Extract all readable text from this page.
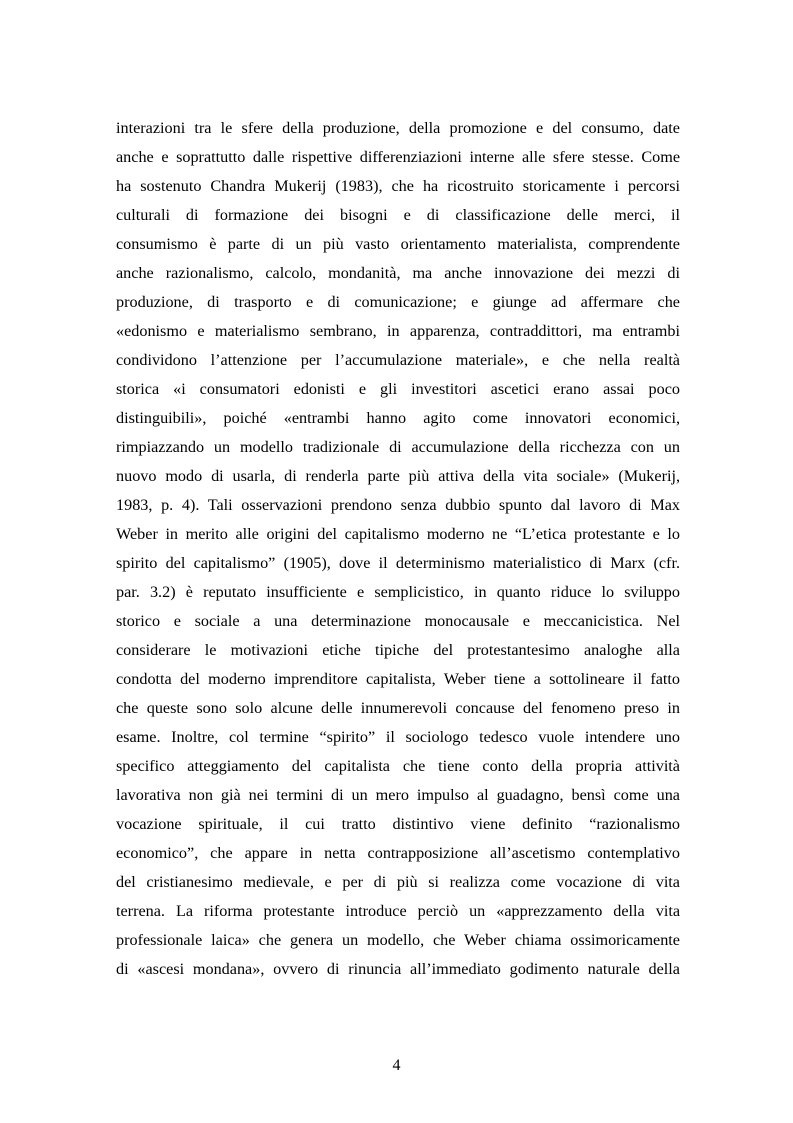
interazioni tra le sfere della produzione, della promozione e del consumo, date
anche e soprattutto dalle rispettive differenziazioni interne alle sfere stesse. Come
ha sostenuto Chandra Mukerij (1983), che ha ricostruito storicamente i percorsi
culturali di formazione dei bisogni e di classificazione delle merci, il
consumismo è parte di un più vasto orientamento materialista, comprendente
anche razionalismo, calcolo, mondanità, ma anche innovazione dei mezzi di
produzione, di trasporto e di comunicazione; e giunge ad affermare che
«edonismo e materialismo sembrano, in apparenza, contraddittori, ma entrambi
condividono l’attenzione per l’accumulazione materiale», e che nella realtà
storica «i consumatori edonisti e gli investitori ascetici erano assai poco
distinguibili», poiché «entrambi hanno agito come innovatori economici,
rimpiazzando un modello tradizionale di accumulazione della ricchezza con un
nuovo modo di usarla, di renderla parte più attiva della vita sociale» (Mukerij,
1983, p. 4). Tali osservazioni prendono senza dubbio spunto dal lavoro di Max
Weber in merito alle origini del capitalismo moderno ne “L’etica protestante e lo
spirito del capitalismo” (1905), dove il determinismo materialistico di Marx (cfr.
par. 3.2) è reputato insufficiente e semplicistico, in quanto riduce lo sviluppo
storico e sociale a una determinazione monocausale e meccanicistica. Nel
considerare le motivazioni etiche tipiche del protestantesimo analoghe alla
condotta del moderno imprenditore capitalista, Weber tiene a sottolineare il fatto
che queste sono solo alcune delle innumerevoli concause del fenomeno preso in
esame. Inoltre, col termine “spirito” il sociologo tedesco vuole intendere uno
specifico atteggiamento del capitalista che tiene conto della propria attività
lavorativa non già nei termini di un mero impulso al guadagno, bensì come una
vocazione spirituale, il cui tratto distintivo viene definito “razionalismo
economico”, che appare in netta contrapposizione all’ascetismo contemplativo
del cristianesimo medievale, e per di più si realizza come vocazione di vita
terrena. La riforma protestante introduce perciò un «apprezzamento della vita
professionale laica» che genera un modello, che Weber chiama ossimoricamente
di «ascesi mondana», ovvero di rinuncia all’immediato godimento naturale della
4
